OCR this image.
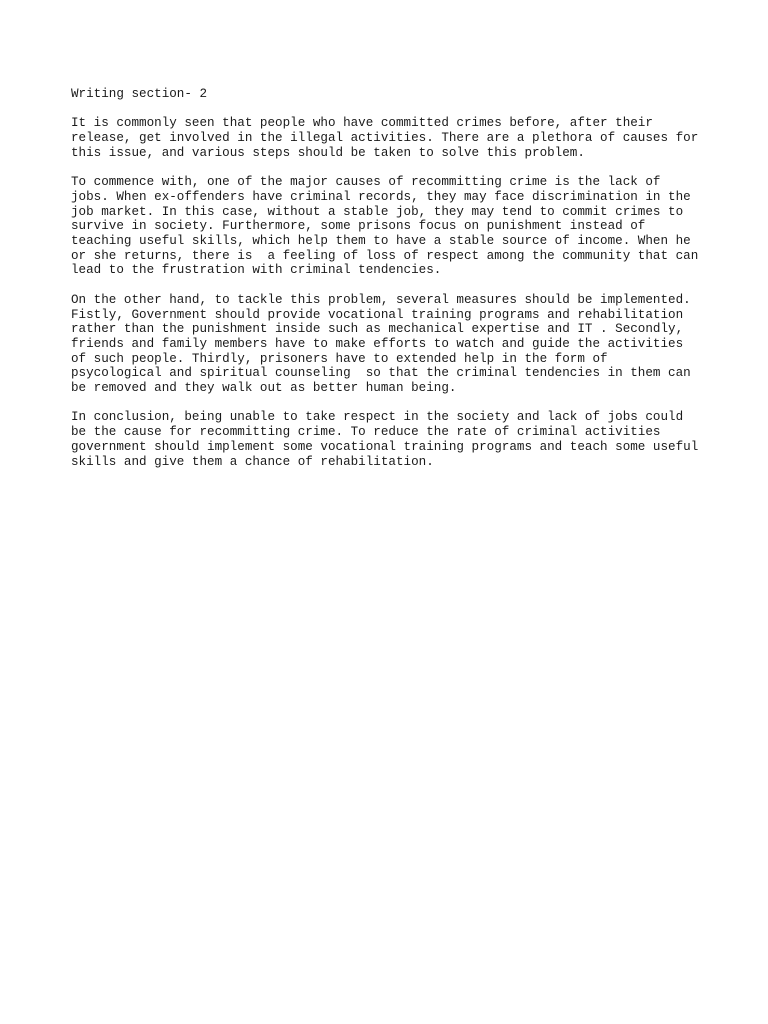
Writing section- 2
It is commonly seen that people who have committed crimes before, after their
release, get involved in the illegal activities. There are a plethora of causes for
this issue, and various steps should be taken to solve this problem.
To commence with, one of the major causes of recommitting crime is the lack of
jobs. When ex-offenders have criminal records, they may face discrimination in the
job market. In this case, without a stable job, they may tend to commit crimes to
survive in society. Furthermore, some prisons focus on punishment instead of
teaching useful skills, which help them to have a stable source of income. When he
or she returns, there is  a feeling of loss of respect among the community that can
lead to the frustration with criminal tendencies.
On the other hand, to tackle this problem, several measures should be implemented.
Fistly, Government should provide vocational training programs and rehabilitation
rather than the punishment inside such as mechanical expertise and IT . Secondly,
friends and family members have to make efforts to watch and guide the activities
of such people. Thirdly, prisoners have to extended help in the form of
psycological and spiritual counseling  so that the criminal tendencies in them can
be removed and they walk out as better human being.
In conclusion, being unable to take respect in the society and lack of jobs could
be the cause for recommitting crime. To reduce the rate of criminal activities
government should implement some vocational training programs and teach some useful
skills and give them a chance of rehabilitation.
